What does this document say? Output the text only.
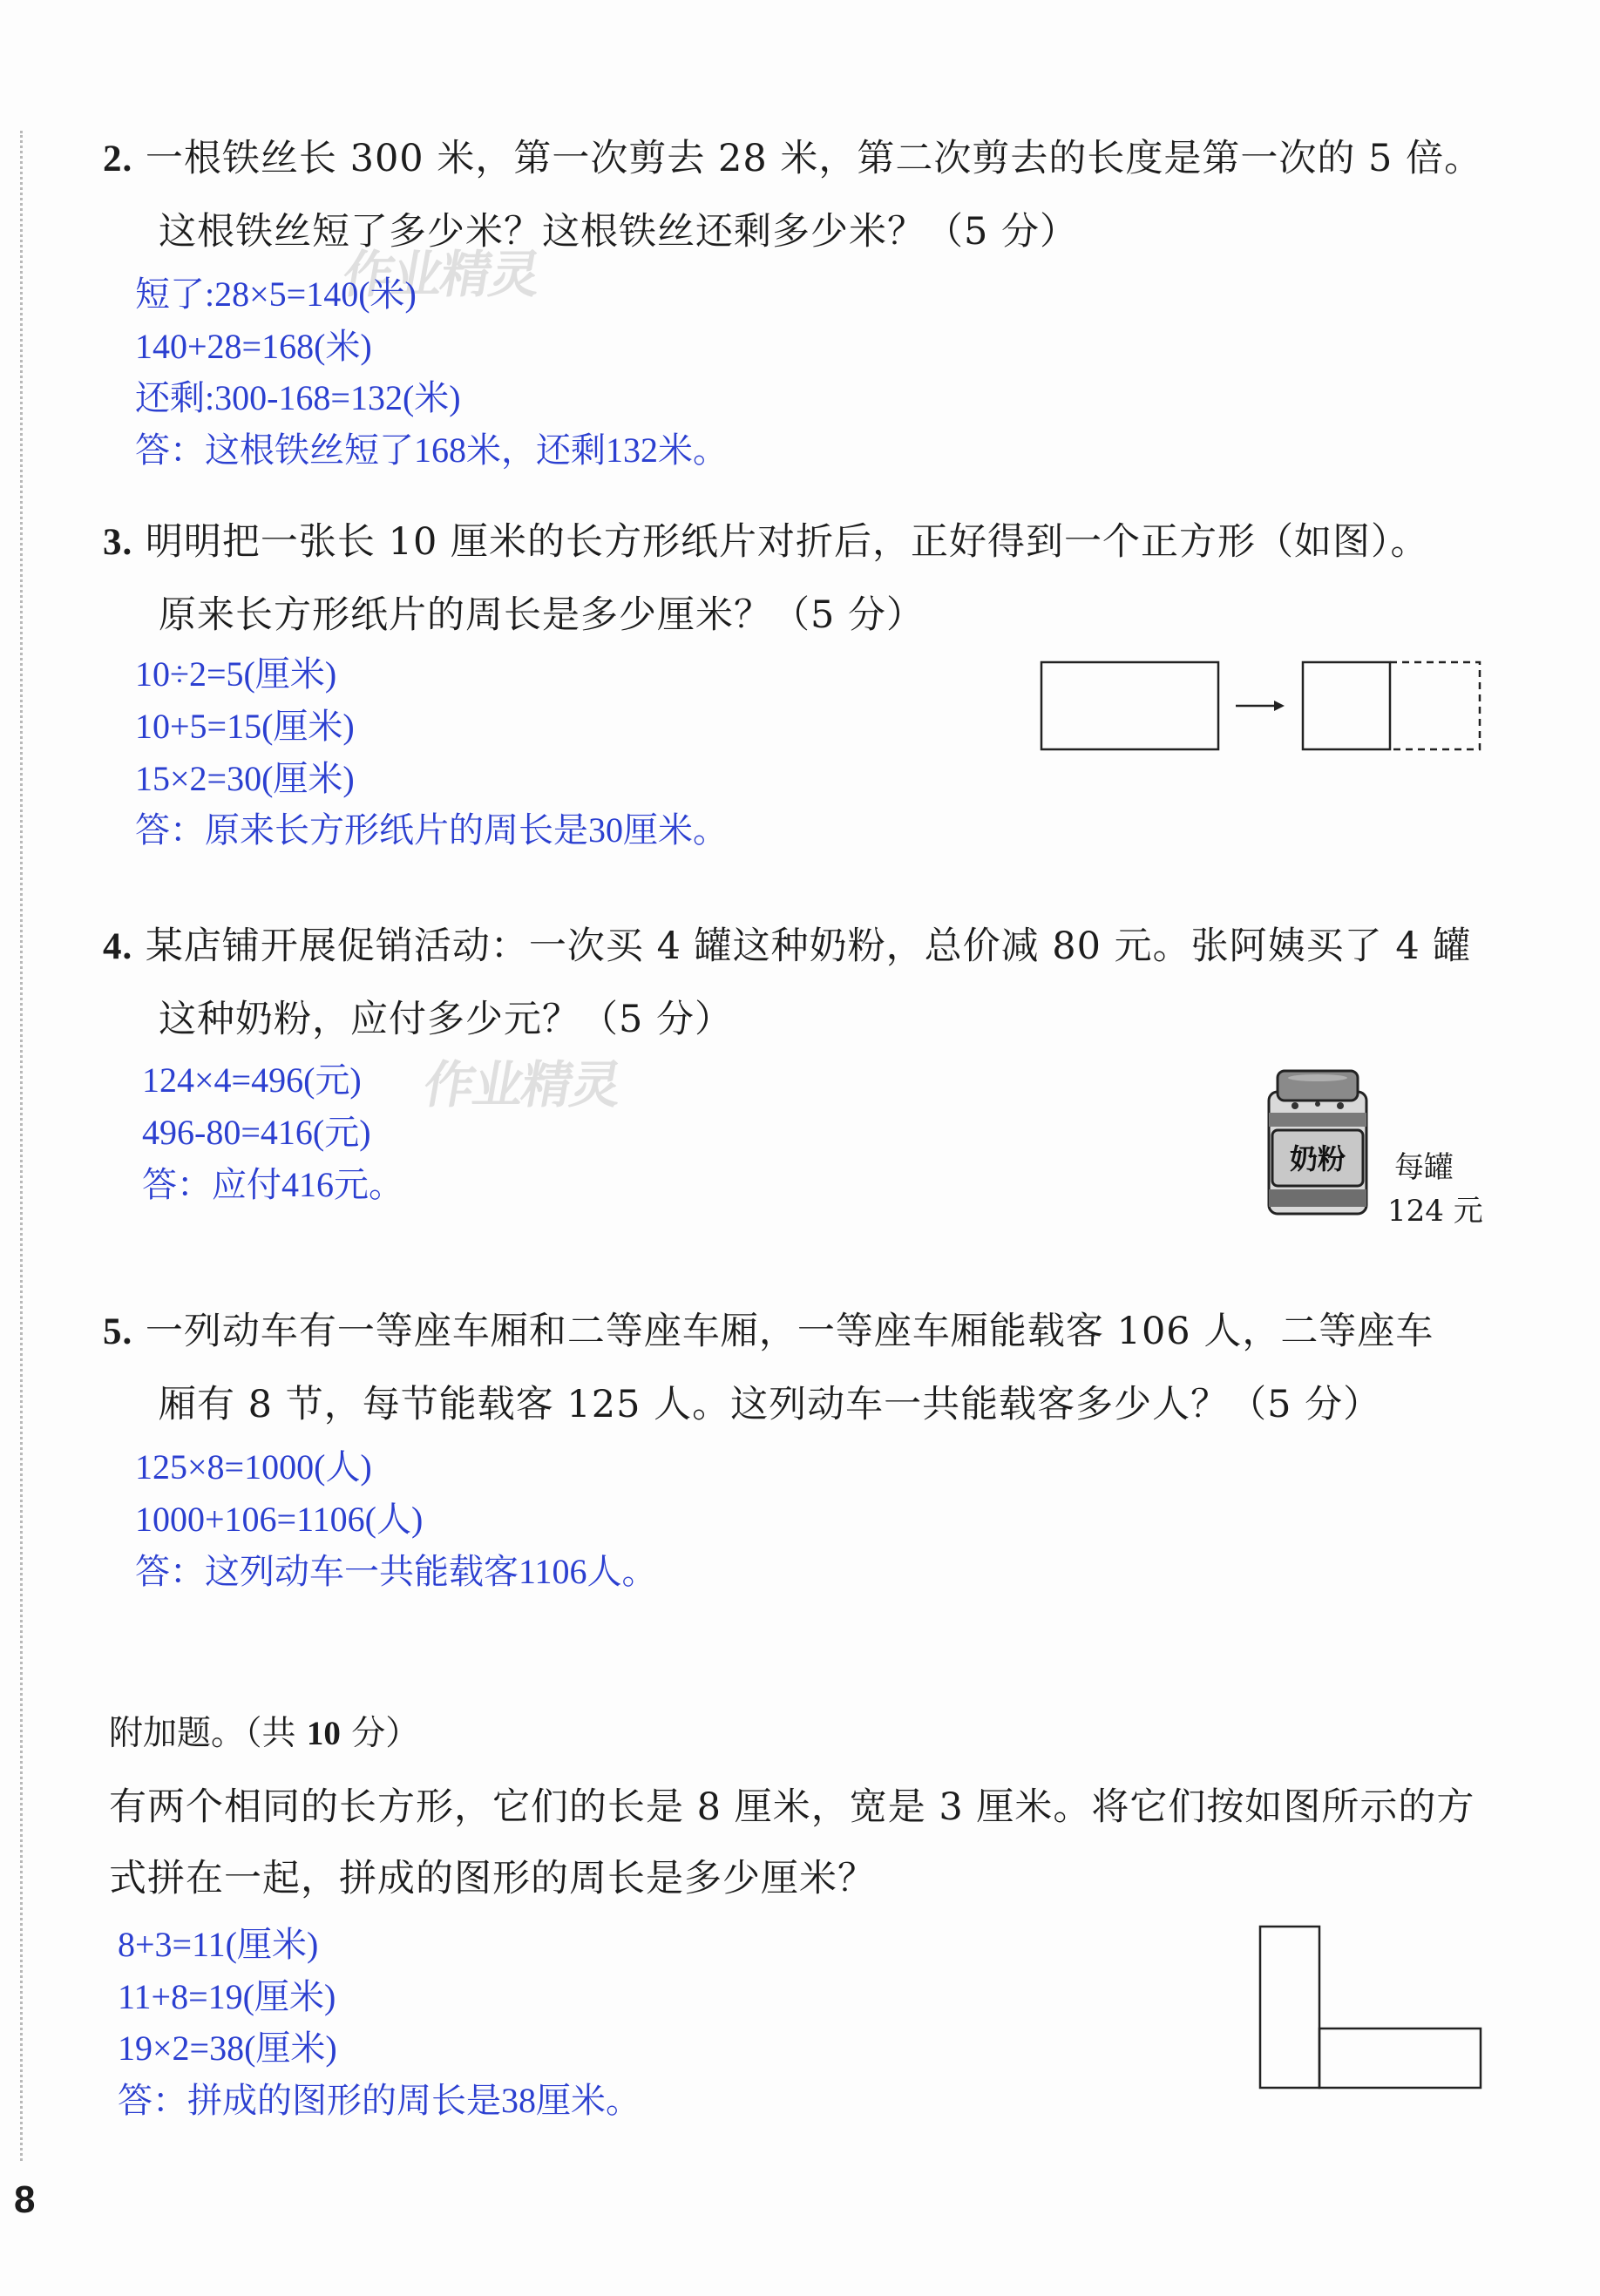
作业精灵
作业精灵
2. 一根铁丝长 300 米，第一次剪去 28 米，第二次剪去的长度是第一次的 5 倍。
这根铁丝短了多少米？这根铁丝还剩多少米？（5 分）
短了:28×5=140(米)
140+28=168(米)
还剩:300-168=132(米)
答：这根铁丝短了168米，还剩132米。
3. 明明把一张长 10 厘米的长方形纸片对折后，正好得到一个正方形（如图）。
原来长方形纸片的周长是多少厘米？（5 分）
10÷2=5(厘米)
10+5=15(厘米)
15×2=30(厘米)
答：原来长方形纸片的周长是30厘米。
4. 某店铺开展促销活动：一次买 4 罐这种奶粉，总价减 80 元。张阿姨买了 4 罐
这种奶粉，应付多少元？（5 分）
124×4=496(元)
496-80=416(元)
答：应付416元。
奶粉 每罐
124 元
5. 一列动车有一等座车厢和二等座车厢，一等座车厢能载客 106 人，二等座车
厢有 8 节，每节能载客 125 人。这列动车一共能载客多少人？（5 分）
125×8=1000(人)
1000+106=1106(人)
答：这列动车一共能载客1106人。
附加题。（共 10 分）
有两个相同的长方形，它们的长是 8 厘米，宽是 3 厘米。将它们按如图所示的方
式拼在一起，拼成的图形的周长是多少厘米？
8+3=11(厘米)
11+8=19(厘米)
19×2=38(厘米)
答：拼成的图形的周长是38厘米。
8
